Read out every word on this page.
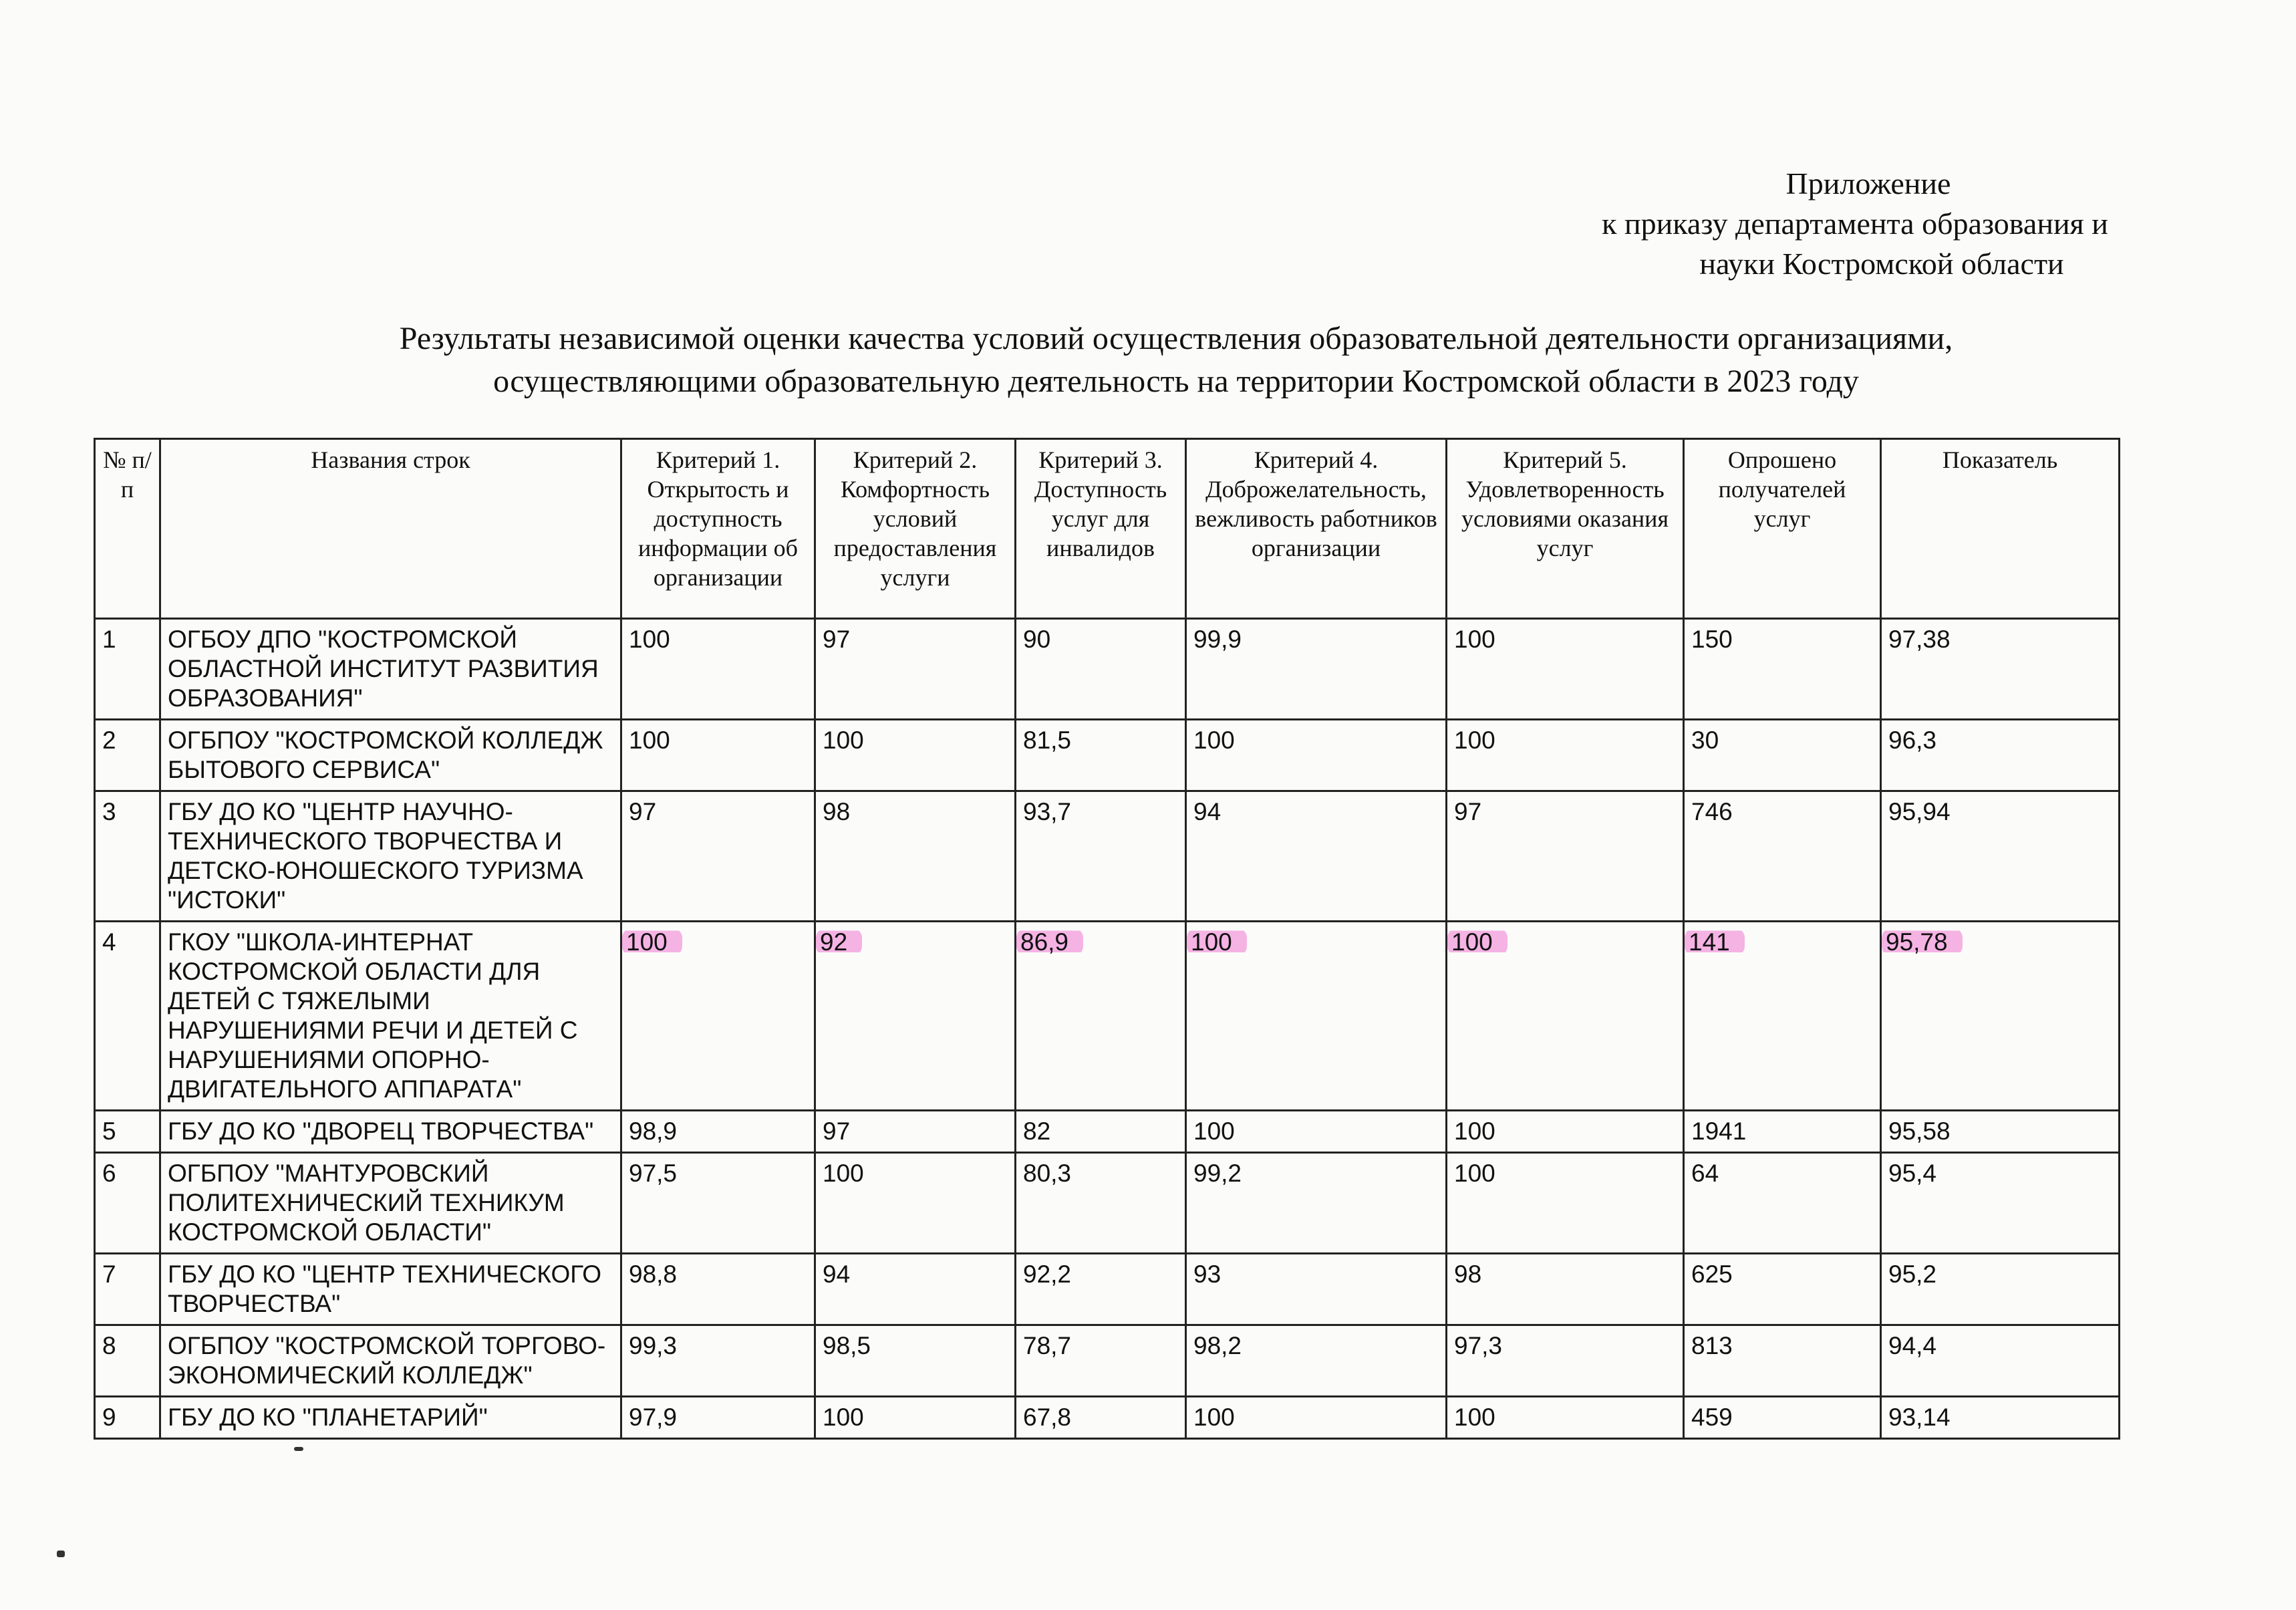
Приложение
к приказу департамента образования и
науки Костромской области
Результаты независимой оценки качества условий осуществления образовательной деятельности организациями,
осуществляющими образовательную деятельность на территории Костромской области в 2023 году
№ п/п	Названия строк	Критерий 1. Открытость и доступность информации об организации	Критерий 2. Комфортность условий предоставления услуги	Критерий 3. Доступность услуг для инвалидов	Критерий 4. Доброжелательность, вежливость работников организации	Критерий 5. Удовлетворенность условиями оказания услуг	Опрошено получателей услуг	Показатель
1	ОГБОУ ДПО "КОСТРОМСКОЙ ОБЛАСТНОЙ ИНСТИТУТ РАЗВИТИЯ ОБРАЗОВАНИЯ"	100	97	90	99,9	100	150	97,38
2	ОГБПОУ "КОСТРОМСКОЙ КОЛЛЕДЖ БЫТОВОГО СЕРВИСА"	100	100	81,5	100	100	30	96,3
3	ГБУ ДО КО "ЦЕНТР НАУЧНО-ТЕХНИЧЕСКОГО ТВОРЧЕСТВА И ДЕТСКО-ЮНОШЕСКОГО ТУРИЗМА "ИСТОКИ"	97	98	93,7	94	97	746	95,94
4	ГКОУ "ШКОЛА-ИНТЕРНАТ КОСТРОМСКОЙ ОБЛАСТИ ДЛЯ ДЕТЕЙ С ТЯЖЕЛЫМИ НАРУШЕНИЯМИ РЕЧИ И ДЕТЕЙ С НАРУШЕНИЯМИ ОПОРНО-ДВИГАТЕЛЬНОГО АППАРАТА"	100	92	86,9	100	100	141	95,78
5	ГБУ ДО КО "ДВОРЕЦ ТВОРЧЕСТВА"	98,9	97	82	100	100	1941	95,58
6	ОГБПОУ "МАНТУРОВСКИЙ ПОЛИТЕХНИЧЕСКИЙ ТЕХНИКУМ КОСТРОМСКОЙ ОБЛАСТИ"	97,5	100	80,3	99,2	100	64	95,4
7	ГБУ ДО КО "ЦЕНТР ТЕХНИЧЕСКОГО ТВОРЧЕСТВА"	98,8	94	92,2	93	98	625	95,2
8	ОГБПОУ "КОСТРОМСКОЙ ТОРГОВО-ЭКОНОМИЧЕСКИЙ КОЛЛЕДЖ"	99,3	98,5	78,7	98,2	97,3	813	94,4
9	ГБУ ДО КО "ПЛАНЕТАРИЙ"	97,9	100	67,8	100	100	459	93,14
